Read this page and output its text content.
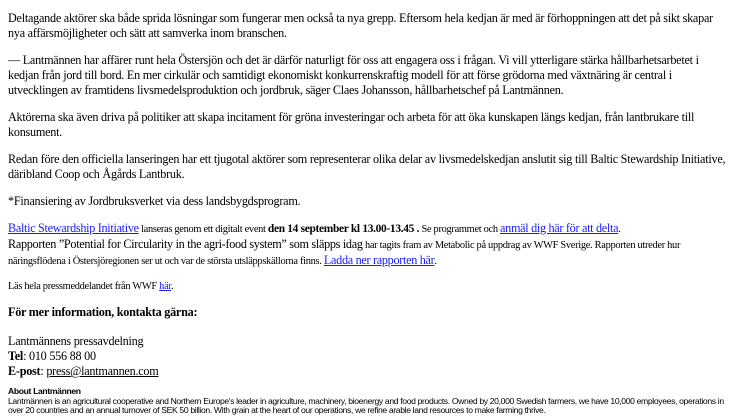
Deltagande aktörer ska både sprida lösningar som fungerar men också ta nya grepp. Eftersom hela kedjan är med är förhoppningen att det på sikt skapar nya affärsmöjligheter och sätt att samverka inom branschen.

— Lantmännen har affärer runt hela Östersjön och det är därför naturligt för oss att engagera oss i frågan. Vi vill ytterligare stärka hållbarhetsarbetet i kedjan från jord till bord. En mer cirkulär och samtidigt ekonomiskt konkurrenskraftig modell för att förse grödorna med växtnäring är central i utvecklingen av framtidens livsmedelsproduktion och jordbruk, säger Claes Johansson, hållbarhetschef på Lantmännen.

Aktörerna ska även driva på politiker att skapa incitament för gröna investeringar och arbeta för att öka kunskapen längs kedjan, från lantbrukare till konsument.

Redan före den officiella lanseringen har ett tjugotal aktörer som representerar olika delar av livsmedelskedjan anslutit sig till Baltic Stewardship Initiative, däribland Coop och Ågårds Lantbruk.

*Finansiering av Jordbruksverket via dess landsbygdsprogram.

Baltic Stewardship Initiative lanseras genom ett digitalt event den 14 september kl 13.00-13.45 . Se programmet och anmäl dig här för att delta.
Rapporten ”Potential for Circularity in the agri-food system” som släpps idag har tagits fram av Metabolic på uppdrag av WWF Sverige. Rapporten utreder hur näringsflödena i Östersjöregionen ser ut och var de största utsläppskällorna finns. Ladda ner rapporten här.

Läs hela pressmeddelandet från WWF här.

För mer information, kontakta gärna:

Lantmännens pressavdelning
Tel: 010 556 88 00
E-post: press@lantmannen.com
About Lantmännen
Lantmännen is an agricultural cooperative and Northern Europe's leader in agriculture, machinery, bioenergy and food products. Owned by 20,000 Swedish farmers, we have 10,000 employees, operations in over 20 countries and an annual turnover of SEK 50 billion. With grain at the heart of our operations, we refine arable land resources to make farming thrive.
